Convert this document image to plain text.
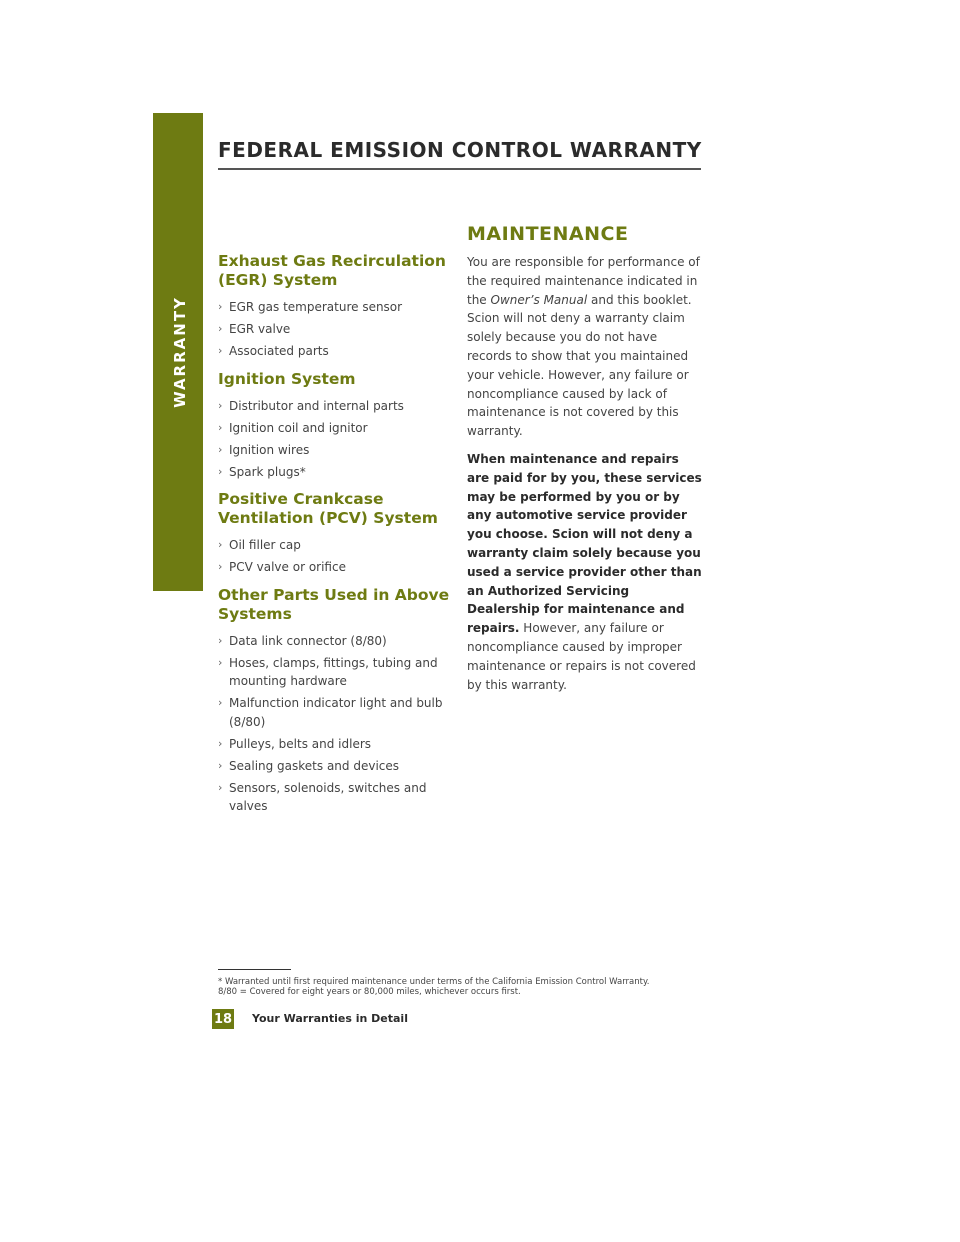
WARRANTY
FEDERAL EMISSION CONTROL WARRANTY
Exhaust Gas Recirculation
(EGR) System
› EGR gas temperature sensor
› EGR valve
› Associated parts
Ignition System
› Distributor and internal parts
› Ignition coil and ignitor
› Ignition wires
› Spark plugs*
Positive Crankcase
Ventilation (PCV) System
› Oil filler cap
› PCV valve or orifice
Other Parts Used in Above
Systems
› Data link connector (8/80)
› Hoses, clamps, fittings, tubing and mounting hardware
› Malfunction indicator light and bulb (8/80)
› Pulleys, belts and idlers
› Sealing gaskets and devices
› Sensors, solenoids, switches and valves
MAINTENANCE

You are responsible for performance of the required maintenance indicated in the Owner’s Manual and this booklet. Scion will not deny a warranty claim solely because you do not have records to show that you maintained your vehicle. However, any failure or noncompliance caused by lack of maintenance is not covered by this warranty.

When maintenance and repairs are paid for by you, these services may be performed by you or by any automotive service provider you choose. Scion will not deny a warranty claim solely because you used a service provider other than an Authorized Servicing Dealership for maintenance and repairs. However, any failure or noncompliance caused by improper maintenance or repairs is not covered by this warranty.

* Warranted until first required maintenance under terms of the California Emission Control Warranty.
8/80 = Covered for eight years or 80,000 miles, whichever occurs first.
18 Your Warranties in Detail
